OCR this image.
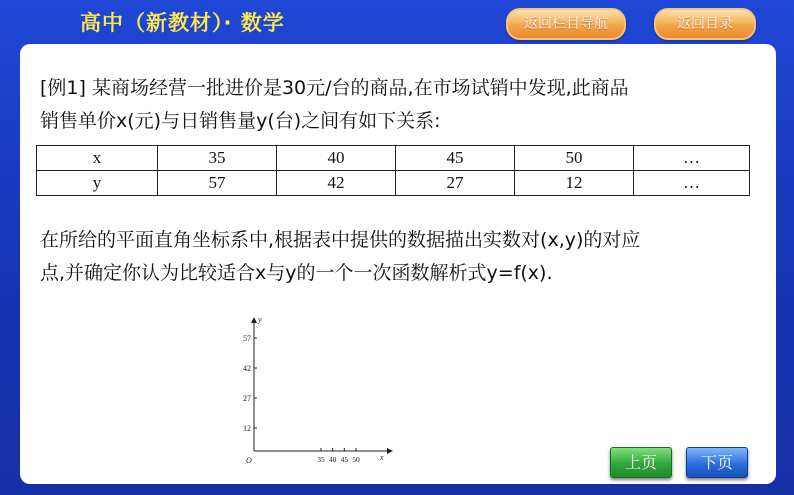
高中（新教材）· 数学	返回栏目导航	返回目录
[例1] 某商场经营一批进价是30元/台的商品,在市场试销中发现,此商品
销售单价x(元)与日销售量y(台)之间有如下关系:
x	35	40	45	50	…
y	57	42	27	12	…
在所给的平面直角坐标系中,根据表中提供的数据描出实数对(x,y)的对应
点,并确定你认为比较适合x与y的一个一次函数解析式y=f(x).
x
y
O
57
42
27
12
35 40 45 50	上页	下页
